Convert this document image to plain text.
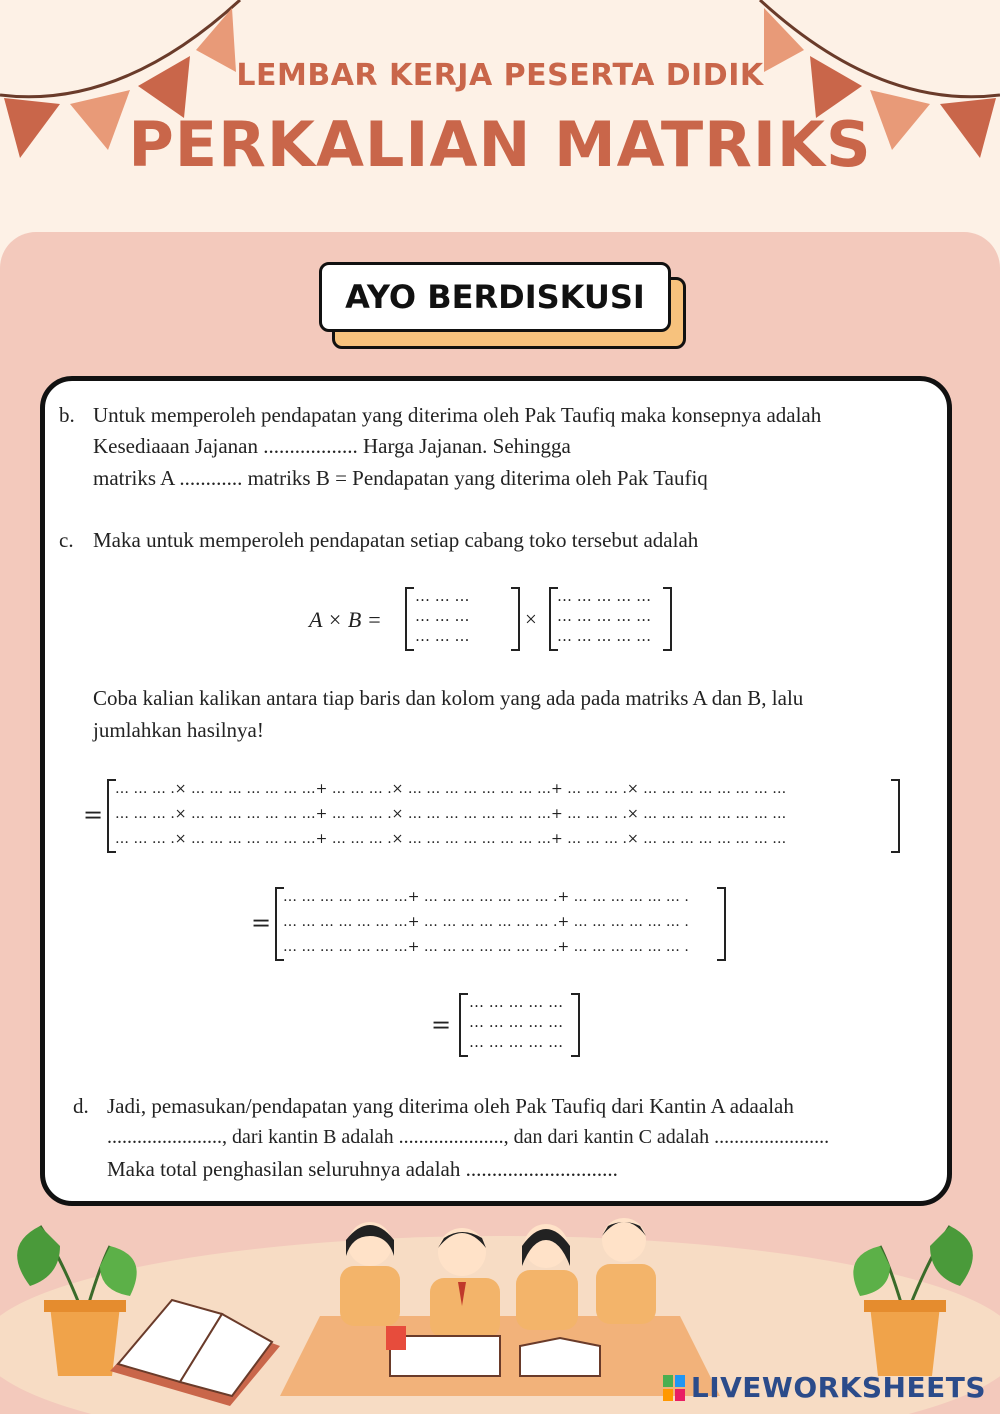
LEMBAR KERJA PESERTA DIDIK
PERKALIAN MATRIKS
AYO BERDISKUSI
b. Untuk memperoleh pendapatan yang diterima oleh Pak Taufiq maka konsepnya adalah
Kesediaaan Jajanan .................. Harga Jajanan. Sehingga
matriks A ............ matriks B = Pendapatan yang diterima oleh Pak Taufiq
c. Maka untuk memperoleh pendapatan setiap cabang toko tersebut adalah
A × B =
… … …
… … …
… … …
×
… … … … …
… … … … …
… … … … …
Coba kalian kalikan antara tiap baris dan kolom yang ada pada matriks A dan B, lalu
jumlahkan hasilnya!
=
… … … .× … … … … … … …+ … … … .× … … … … … … … …+ … … … .× … … … … … … … …
… … … .× … … … … … … …+ … … … .× … … … … … … … …+ … … … .× … … … … … … … …
… … … .× … … … … … … …+ … … … .× … … … … … … … …+ … … … .× … … … … … … … …
=
… … … … … … …+ … … … … … … … .+ … … … … … … .
… … … … … … …+ … … … … … … … .+ … … … … … … .
… … … … … … …+ … … … … … … … .+ … … … … … … .
=
… … … … …
… … … … …
… … … … …
d. Jadi, pemasukan/pendapatan yang diterima oleh Pak Taufiq dari Kantin A adaalah
......................., dari kantin B adalah ....................., dan dari kantin C adalah .......................
Maka total penghasilan seluruhnya adalah .............................
LIVEWORKSHEETS
